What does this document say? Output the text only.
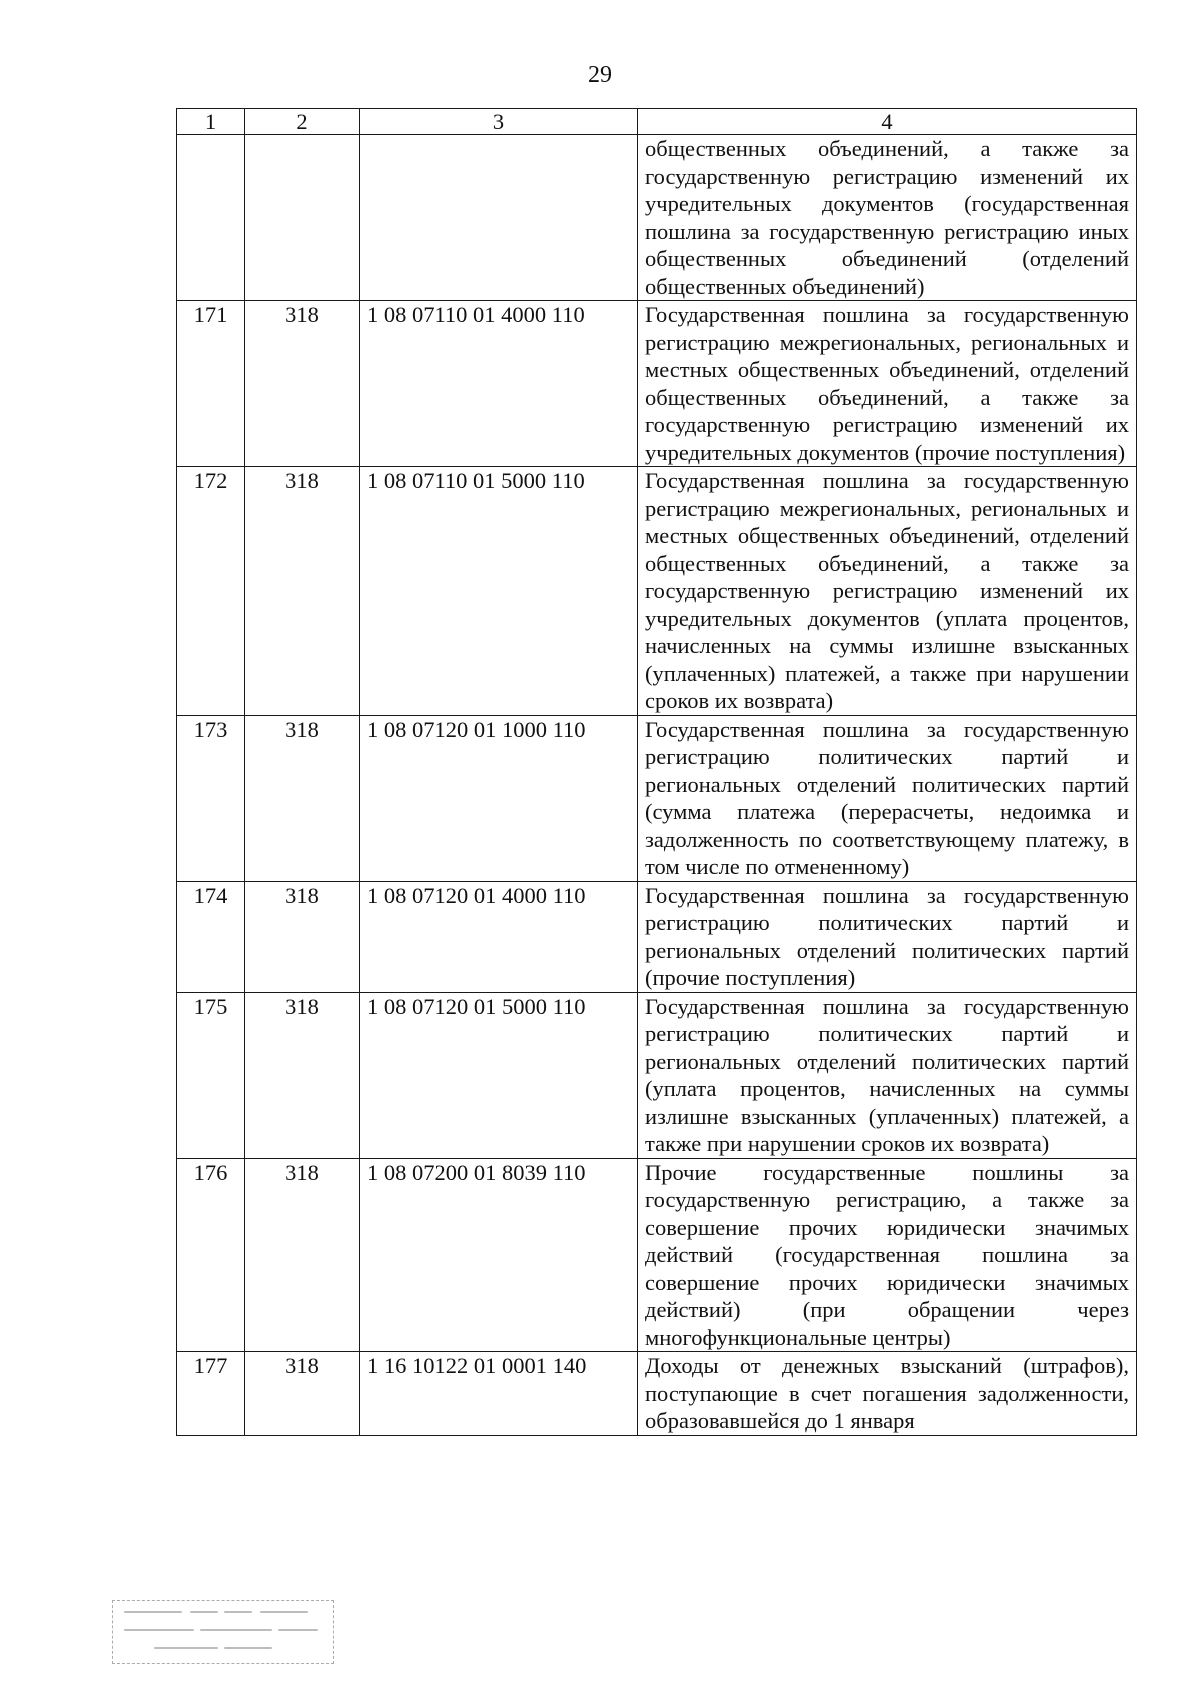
29
1	2	3	4
			общественных объединений, а также за государственную регистрацию изменений их учредительных документов (государственная пошлина за государственную регистрацию иных общественных объединений (отделений общественных объединений)
171	318	1 08 07110 01 4000 110	Государственная пошлина за государственную регистрацию межрегиональных, региональных и местных общественных объединений, отделений общественных объединений, а также за государственную регистрацию изменений их учредительных документов (прочие поступления)
172	318	1 08 07110 01 5000 110	Государственная пошлина за государственную регистрацию межрегиональных, региональных и местных общественных объединений, отделений общественных объединений, а также за государственную регистрацию изменений их учредительных документов (уплата процентов, начисленных на суммы излишне взысканных (уплаченных) платежей, а также при нарушении сроков их возврата)
173	318	1 08 07120 01 1000 110	Государственная пошлина за государственную регистрацию политических партий и региональных отделений политических партий (сумма платежа (перерасчеты, недоимка и задолженность по соответствующему платежу, в том числе по отмененному)
174	318	1 08 07120 01 4000 110	Государственная пошлина за государственную регистрацию политических партий и региональных отделений политических партий (прочие поступления)
175	318	1 08 07120 01 5000 110	Государственная пошлина за государственную регистрацию политических партий и региональных отделений политических партий (уплата процентов, начисленных на суммы излишне взысканных (уплаченных) платежей, а также при нарушении сроков их возврата)
176	318	1 08 07200 01 8039 110	Прочие государственные пошлины за государственную регистрацию, а также за совершение прочих юридически значимых действий (государственная пошлина за совершение прочих юридически значимых действий) (при обращении через многофункциональные центры)
177	318	1 16 10122 01 0001 140	Доходы от денежных взысканий (штрафов), поступающие в счет погашения задолженности, образовавшейся до 1 января
